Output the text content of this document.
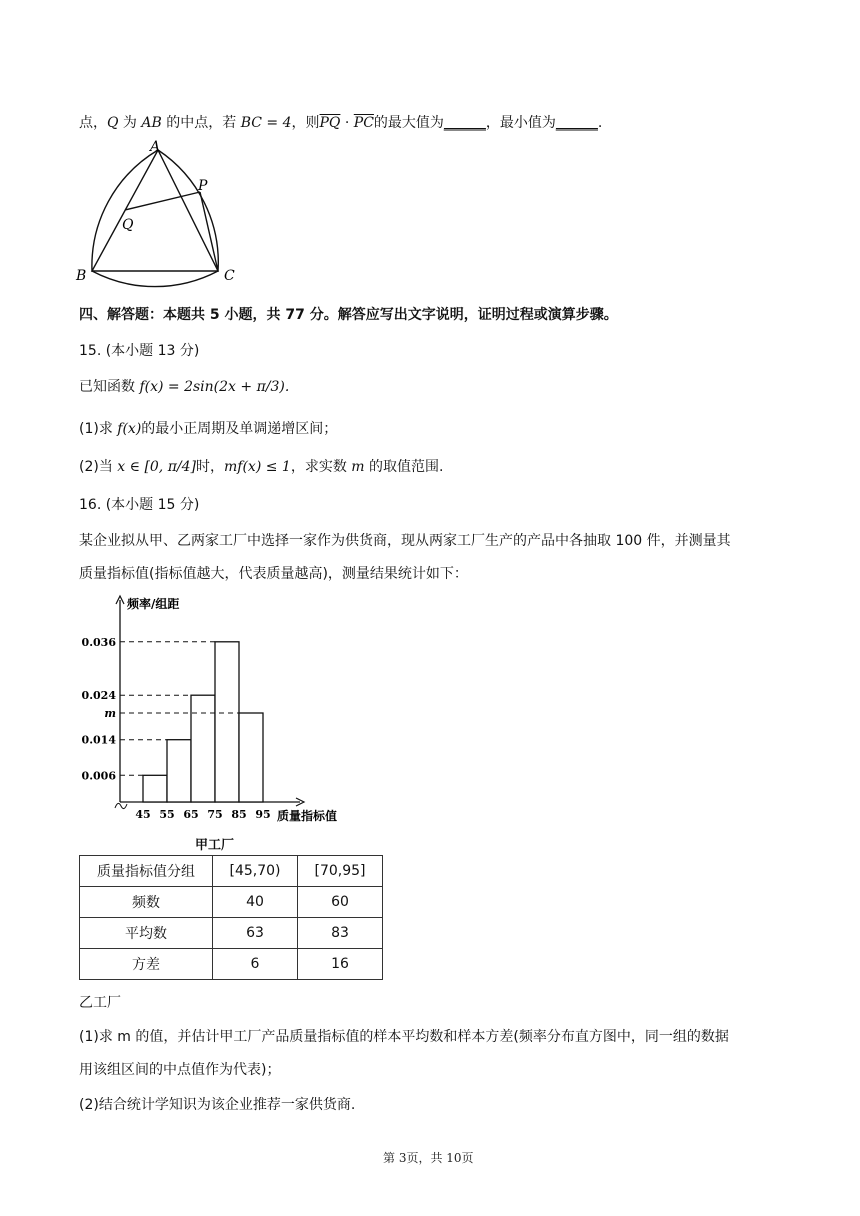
点，Q 为 AB 的中点，若 BC = 4，则$\overline{PQ} \cdot \overline{PC}$的最大值为______，最小值为______.
A
B	C
P
Q
四、解答题：本题共 5 小题，共 77 分。解答应写出文字说明，证明过程或演算步骤。
15. (本小题 13 分)
已知函数 f(x) = 2sin(2x + π/3).
(1)求 f(x)的最小正周期及单调递增区间；
(2)当 x ∈ [0, π/4]时，mf(x) ≤ 1，求实数 m 的取值范围.
16. (本小题 15 分)
某企业拟从甲、乙两家工厂中选择一家作为供货商，现从两家工厂生产的产品中各抽取 100 件，并测量其
质量指标值(指标值越大，代表质量越高)，测量结果统计如下：
频率/组距
质量指标值
0.006
0.014
0.024
0.036
m
45 55 65 75 85 95
甲工厂
质量指标值分组	[45,70)	[70,95]
频数	40	60
平均数	63	83
方差	6	16
乙工厂
(1)求 m 的值，并估计甲工厂产品质量指标值的样本平均数和样本方差(频率分布直方图中，同一组的数据
用该组区间的中点值作为代表)；
(2)结合统计学知识为该企业推荐一家供货商.
第 3页，共 10页
